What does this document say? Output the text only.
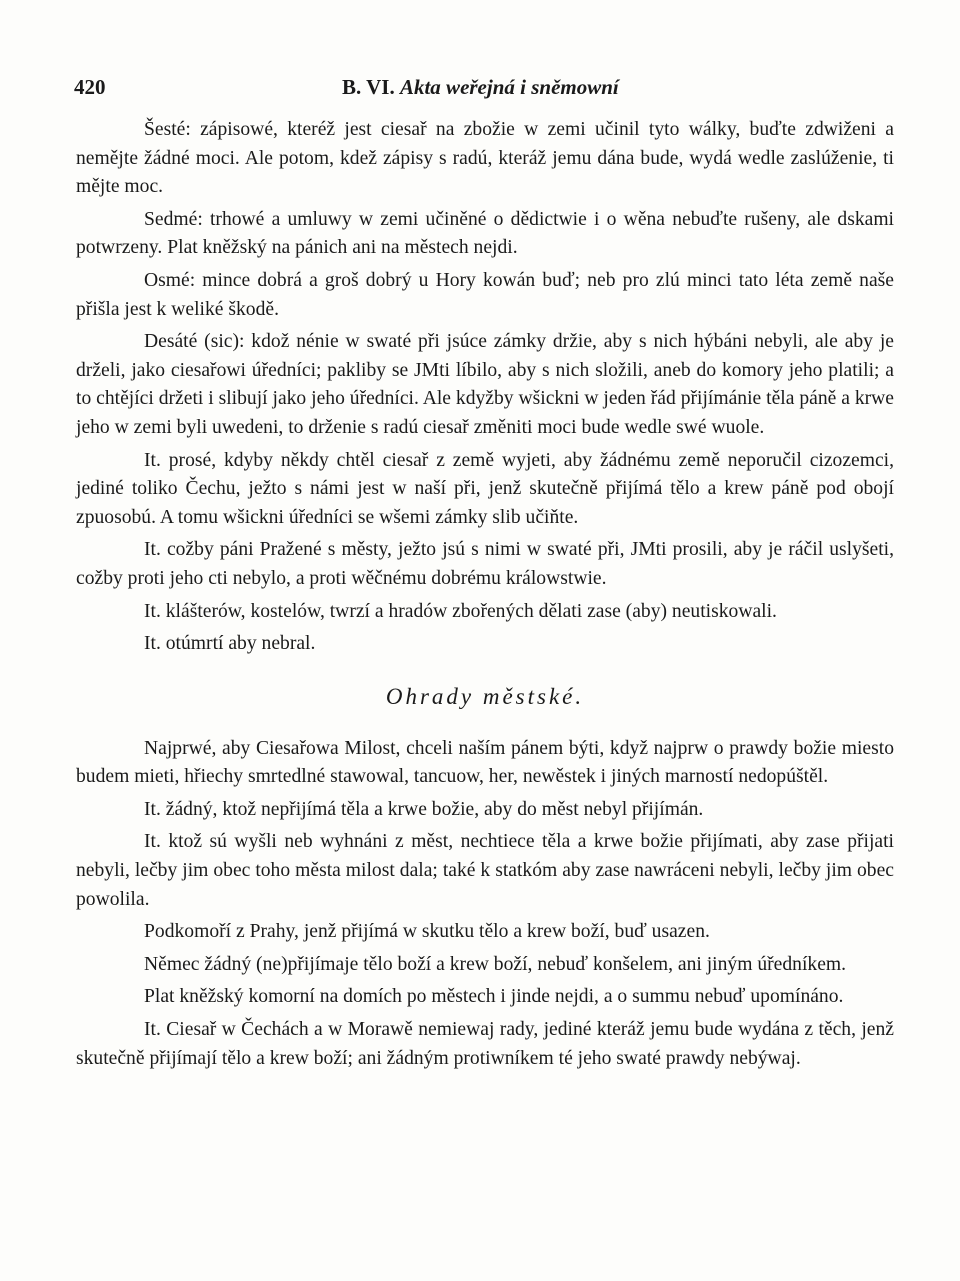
420	B. VI. Akta weřejná i sněmowní

Šesté: zápisowé, kteréž jest ciesař na zbožie w zemi učinil tyto wálky, buďte zdwiženi a nemějte žádné moci. Ale potom, kdež zápisy s radú, kteráž jemu dána bude, wydá wedle zaslúženie, ti mějte moc.

Sedmé: trhowé a umluwy w zemi učiněné o dědictwie i o wěna nebuďte rušeny, ale dskami potwrzeny. Plat kněžský na pánich ani na městech nejdi.

Osmé: mince dobrá a groš dobrý u Hory kowán buď; neb pro zlú minci tato léta země naše přišla jest k weliké škodě.

Desáté (sic): kdož nénie w swaté při jsúce zámky držie, aby s nich hýbáni nebyli, ale aby je drželi, jako ciesařowi úředníci; pakliby se JMti líbilo, aby s nich složili, aneb do komory jeho platili; a to chtějíci držeti i slibují jako jeho úředníci. Ale kdyžby wšickni w jeden řád přijímánie těla páně a krwe jeho w zemi byli uwedeni, to drženie s radú ciesař změniti moci bude wedle swé wuole.

It. prosé, kdyby někdy chtěl ciesař z země wyjeti, aby žádnému země neporučil cizozemci, jediné toliko Čechu, ježto s námi jest w naší při, jenž skutečně přijímá tělo a krew páně pod obojí zpuosobú. A tomu wšickni úředníci se wšemi zámky slib učiňte.

It. cožby páni Pražené s městy, ježto jsú s nimi w swaté při, JMti prosili, aby je ráčil uslyšeti, cožby proti jeho cti nebylo, a proti wěčnému dobrému králowstwie.

It. klášterów, kostelów, twrzí a hradów zbořených dělati zase (aby) neutiskowali.

It. otúmrtí aby nebral.

Ohrady městské.

Najprwé, aby Ciesařowa Milost, chceli naším pánem býti, když najprw o prawdy božie miesto budem mieti, hřiechy smrtedlné stawowal, tancuow, her, newěstek i jiných marností nedopúštěl.

It. žádný, ktož nepřijímá těla a krwe božie, aby do měst nebyl přijímán.

It. ktož sú wyšli neb wyhnáni z měst, nechtiece těla a krwe božie přijímati, aby zase přijati nebyli, lečby jim obec toho města milost dala; také k statkóm aby zase nawráceni nebyli, lečby jim obec powolila.

Podkomoří z Prahy, jenž přijímá w skutku tělo a krew boží, buď usazen.

Němec žádný (ne)přijímaje tělo boží a krew boží, nebuď konšelem, ani jiným úředníkem.

Plat kněžský komorní na domích po městech i jinde nejdi, a o summu nebuď upomínáno.

It. Ciesař w Čechách a w Morawě nemiewaj rady, jediné kteráž jemu bude wydána z těch, jenž skutečně přijímají tělo a krew boží; ani žádným protiwníkem té jeho swaté prawdy nebýwaj.
